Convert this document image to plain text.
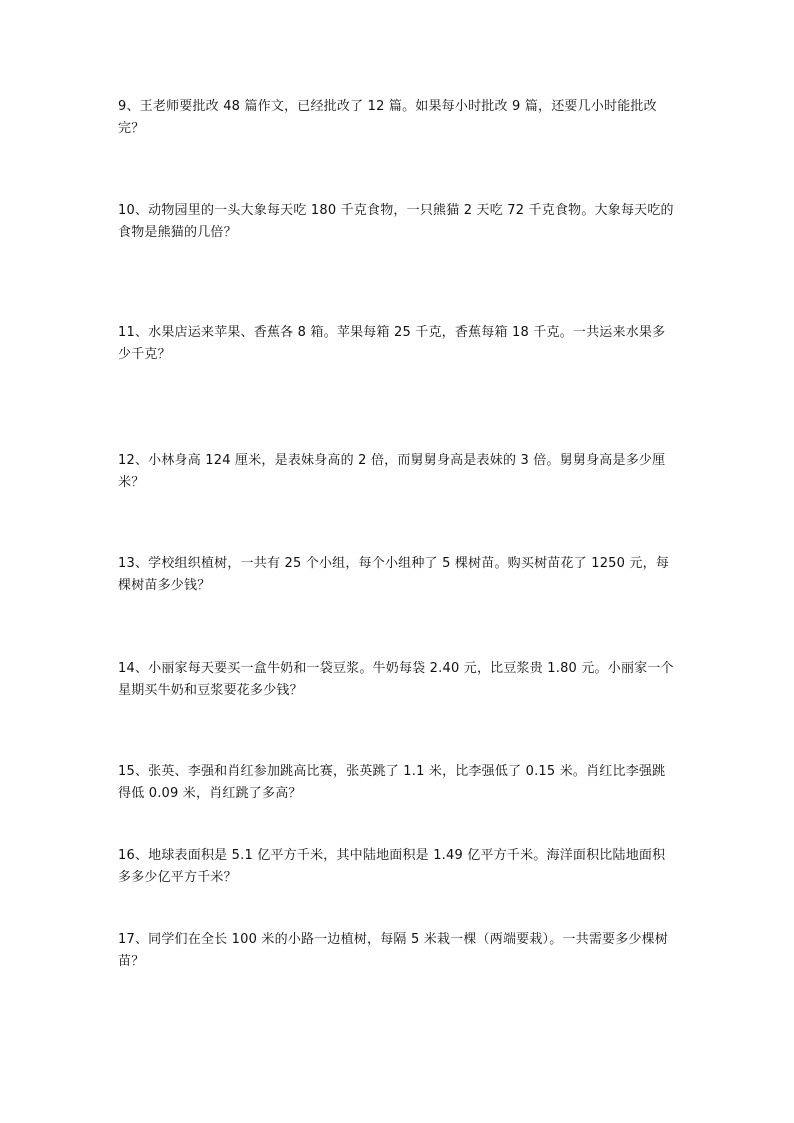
9、王老师要批改 48 篇作文，已经批改了 12 篇。如果每小时批改 9 篇，还要几小时能批改完？
10、动物园里的一头大象每天吃 180 千克食物，一只熊猫 2 天吃 72 千克食物。大象每天吃的食物是熊猫的几倍？
11、水果店运来苹果、香蕉各 8 箱。苹果每箱 25 千克，香蕉每箱 18 千克。一共运来水果多少千克？
12、小林身高 124 厘米，是表妹身高的 2 倍，而舅舅身高是表妹的 3 倍。舅舅身高是多少厘米？
13、学校组织植树，一共有 25 个小组，每个小组种了 5 棵树苗。购买树苗花了 1250 元，每棵树苗多少钱？
14、小丽家每天要买一盒牛奶和一袋豆浆。牛奶每袋 2.40 元，比豆浆贵 1.80 元。小丽家一个星期买牛奶和豆浆要花多少钱？
15、张英、李强和肖红参加跳高比赛，张英跳了 1.1 米，比李强低了 0.15 米。肖红比李强跳得低 0.09 米，肖红跳了多高？
16、地球表面积是 5.1 亿平方千米，其中陆地面积是 1.49 亿平方千米。海洋面积比陆地面积多多少亿平方千米？
17、同学们在全长 100 米的小路一边植树，每隔 5 米栽一棵（两端要栽）。一共需要多少棵树苗？
